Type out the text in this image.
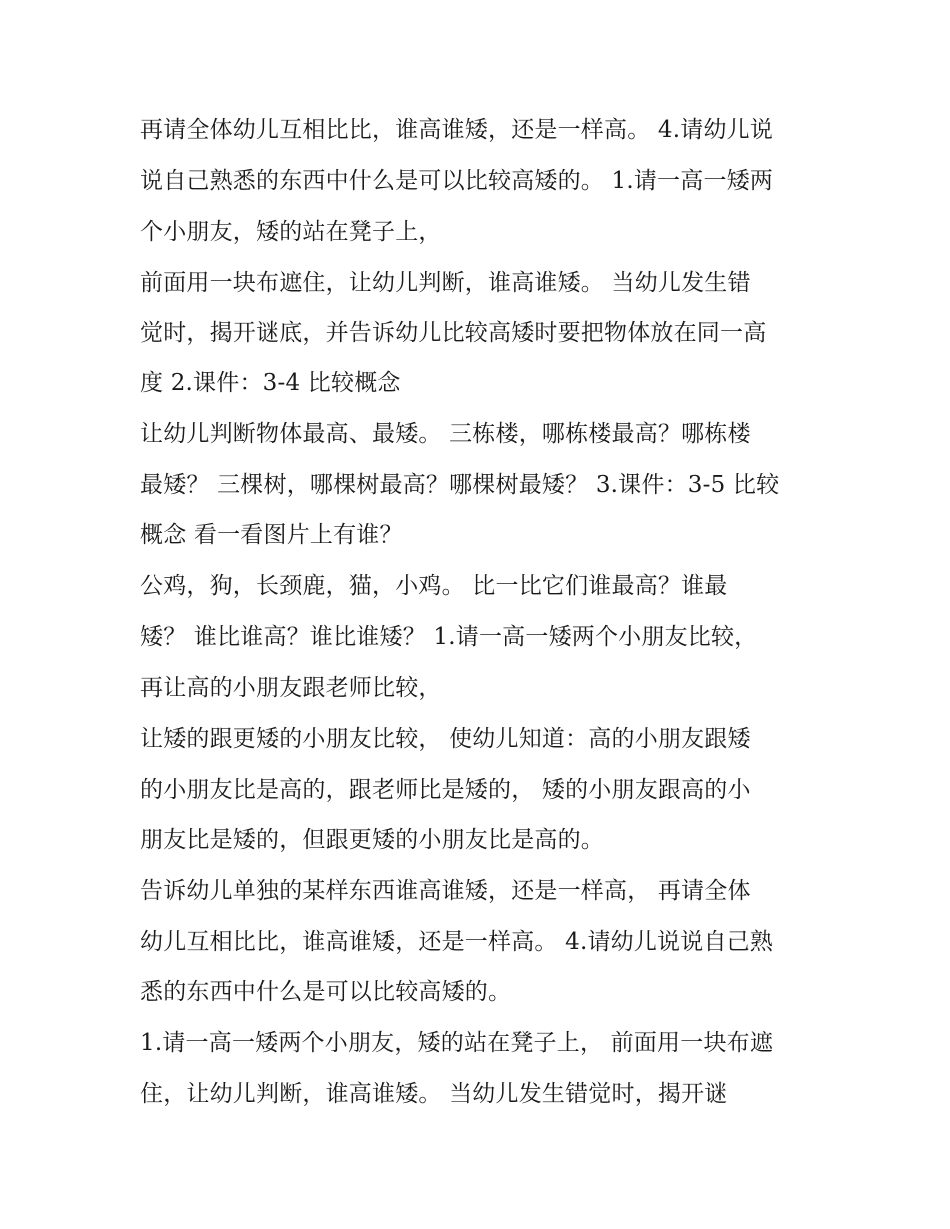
再请全体幼儿互相比比，谁高谁矮，还是一样高。 4.请幼儿说
说自己熟悉的东西中什么是可以比较高矮的。 1.请一高一矮两
个小朋友，矮的站在凳子上，
前面用一块布遮住，让幼儿判断，谁高谁矮。 当幼儿发生错
觉时，揭开谜底，并告诉幼儿比较高矮时要把物体放在同一高
度 2.课件：3-4 比较概念
让幼儿判断物体最高、最矮。 三栋楼，哪栋楼最高？哪栋楼
最矮？ 三棵树，哪棵树最高？哪棵树最矮？ 3.课件：3-5 比较
概念 看一看图片上有谁？
公鸡，狗，长颈鹿，猫，小鸡。 比一比它们谁最高？谁最
矮？ 谁比谁高？谁比谁矮？ 1.请一高一矮两个小朋友比较，
再让高的小朋友跟老师比较，
让矮的跟更矮的小朋友比较， 使幼儿知道：高的小朋友跟矮
的小朋友比是高的，跟老师比是矮的， 矮的小朋友跟高的小
朋友比是矮的，但跟更矮的小朋友比是高的。
告诉幼儿单独的某样东西谁高谁矮，还是一样高， 再请全体
幼儿互相比比，谁高谁矮，还是一样高。 4.请幼儿说说自己熟
悉的东西中什么是可以比较高矮的。
1.请一高一矮两个小朋友，矮的站在凳子上， 前面用一块布遮
住，让幼儿判断，谁高谁矮。 当幼儿发生错觉时，揭开谜
